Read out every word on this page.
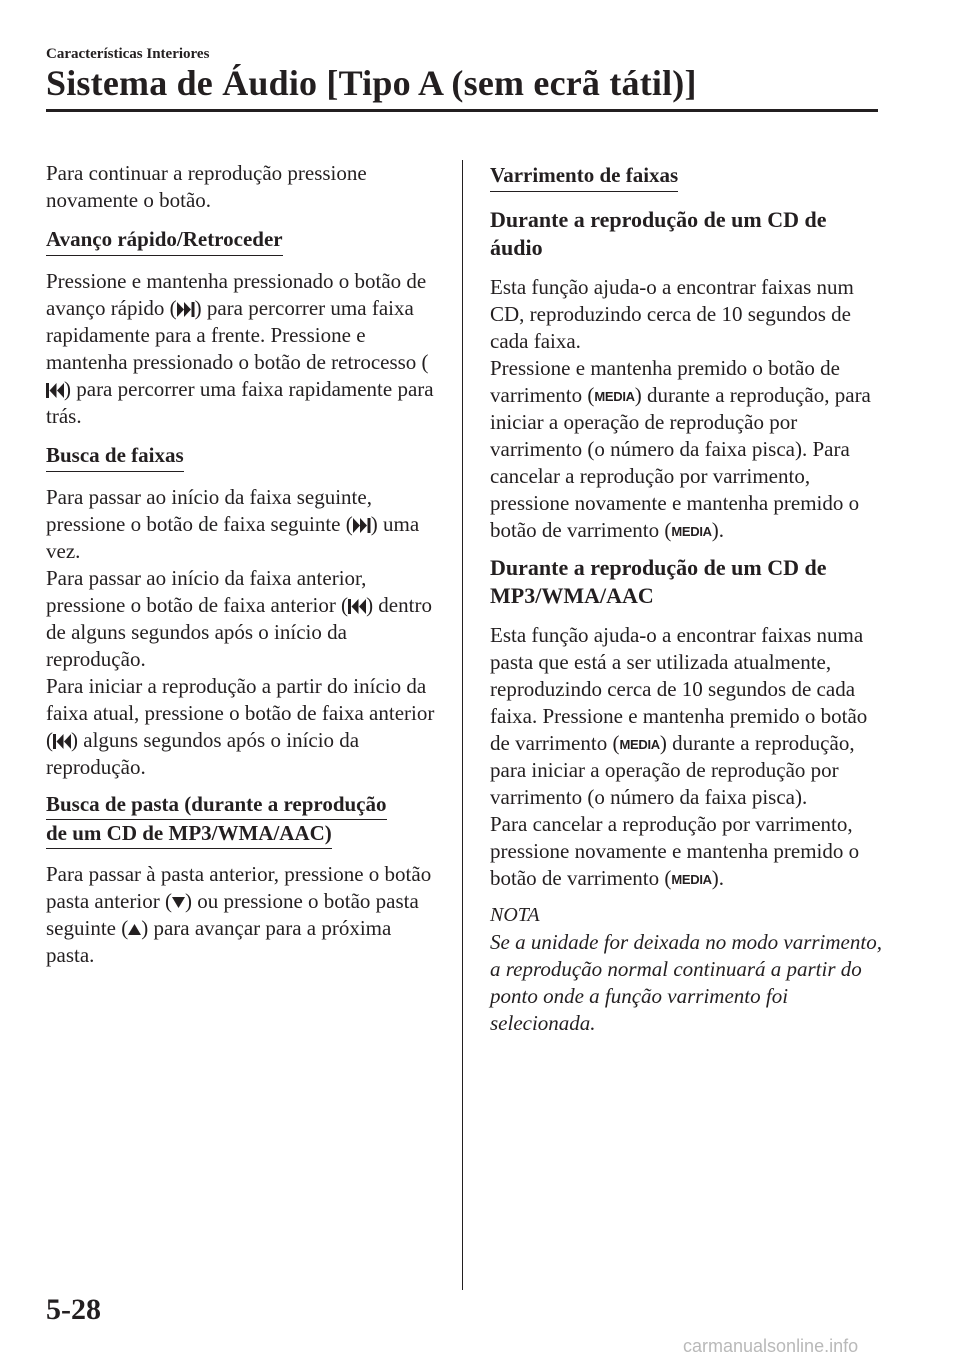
Características Interiores

Sistema de Áudio [Tipo A (sem ecrã tátil)]

Para continuar a reprodução pressione novamente o botão.

Avanço rápido/Retroceder

Pressione e mantenha pressionado o botão de avanço rápido ( ) para percorrer uma faixa rapidamente para a frente. Pressione e mantenha pressionado o botão de retrocesso () para percorrer uma faixa rapidamente para trás.

Busca de faixas

Para passar ao início da faixa seguinte, pressione o botão de faixa seguinte ( ) uma vez.

Para passar ao início da faixa anterior, pressione o botão de faixa anterior ( ) dentro de alguns segundos após o início da reprodução.

Para iniciar a reprodução a partir do início da faixa atual, pressione o botão de faixa anterior ( ) alguns segundos após o início da reprodução.

Busca de pasta (durante a reprodução
de um CD de MP3/WMA/AAC)

Para passar à pasta anterior, pressione o botão pasta anterior ( ) ou pressione o botão pasta seguinte ( ) para avançar para a próxima pasta.

Varrimento de faixas
Durante a reprodução de um CD de áudio

Esta função ajuda-o a encontrar faixas num CD, reproduzindo cerca de 10 segundos de cada faixa.

Pressione e mantenha premido o botão de varrimento (MEDIA) durante a reprodução, para iniciar a operação de reprodução por varrimento (o número da faixa pisca). Para cancelar a reprodução por varrimento, pressione novamente e mantenha premido o botão de varrimento (MEDIA).

Durante a reprodução de um CD de MP3/WMA/AAC

Esta função ajuda-o a encontrar faixas numa pasta que está a ser utilizada atualmente, reproduzindo cerca de 10 segundos de cada faixa. Pressione e mantenha premido o botão de varrimento (MEDIA) durante a reprodução, para iniciar a operação de reprodução por varrimento (o número da faixa pisca).

Para cancelar a reprodução por varrimento, pressione novamente e mantenha premido o botão de varrimento (MEDIA).

NOTA

Se a unidade for deixada no modo varrimento, a reprodução normal continuará a partir do ponto onde a função varrimento foi selecionada.

5-28

carmanualsonline.info
